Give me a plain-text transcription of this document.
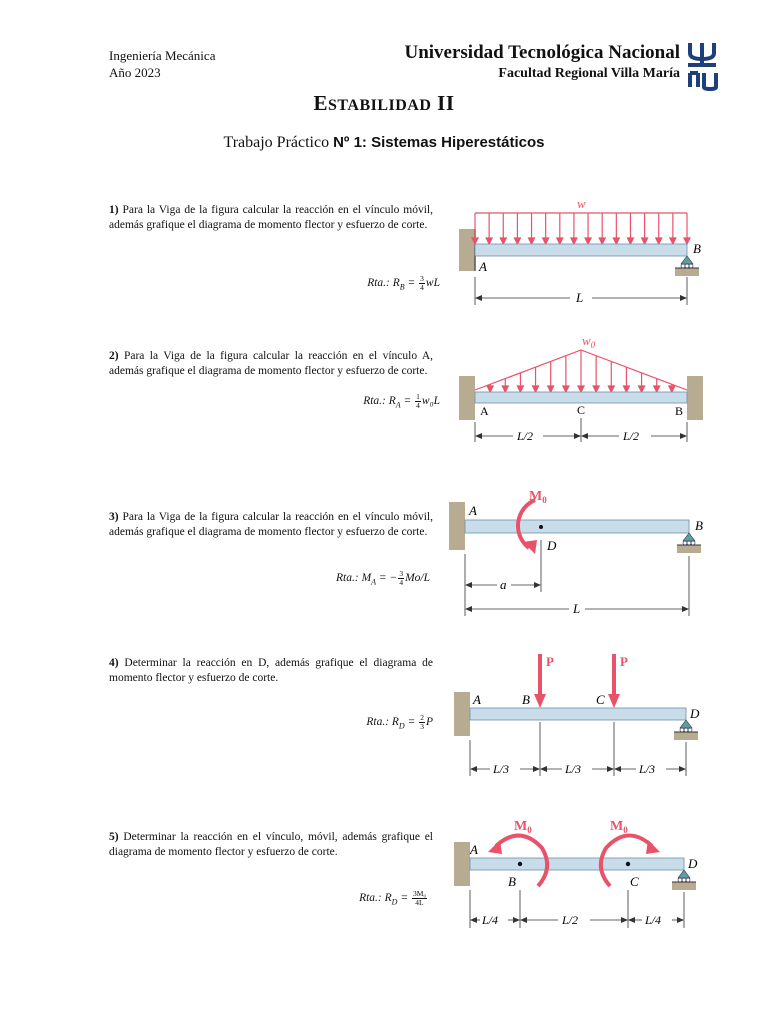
Ingeniería Mecánica
Año 2023
Universidad Tecnológica Nacional
Facultad Regional Villa María
ESTABILIDAD II
Trabajo Práctico Nº 1: Sistemas Hiperestáticos
1) Para la Viga de la figura calcular la reacción en el vínculo móvil, además grafique el diagrama de momento flector y esfuerzo de corte.
Rta.: $R_B = \frac{3}{4}$ wL
w
A
B
L
2) Para la Viga de la figura calcular la reacción en el vínculo A, además grafique el diagrama de momento flector y esfuerzo de corte.
Rta.: $R_A = \frac{1}{4} w_0L$
$w_0$
A	C	B
L/2	L/2
3) Para la Viga de la figura calcular la reacción en el vínculo móvil, además grafique el diagrama de momento flector y esfuerzo de corte.
Rta.: $M_A$ = − $\frac{3}{4} Mo/L$
A
B
$M_0$
D
a
L
4) Determinar la reacción en D, además grafique el diagrama de momento flector y esfuerzo de corte.
Rta.: $R_D = \frac{2}{3}$ P
P	P
A	B	C
D
L/3	L/3	L/3
5) Determinar la reacción en el vínculo, móvil, además grafique el diagrama de momento flector y esfuerzo de corte.
Rta.: $R_D = \frac{\text{3M₀}}{4L}$
A
$M_0$	$M_0$
B	C
D
L/4	L/2	L/4
